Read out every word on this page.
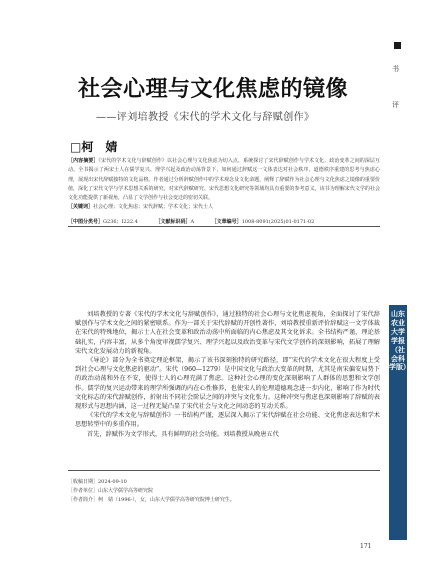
书
评
社会心理与文化焦虑的镜像
——评刘培教授《宋代的学术文化与辞赋创作》
□柯　婧
［内容摘要］《宋代的学术文化与辞赋创作》以社会心理与文化焦虑为切入点，系统探讨了宋代辞赋创作与学术文化、政治变革之间的深层互动。全书揭示了两宋士人在儒学复兴、理学兴起及政治动荡背景下，如何通过辞赋这一文体表达对社会秩序、道德秩序重建的思考与焦虑心理，展现出宋代辞赋独特的文化品格。作者通过分析辞赋创作中的学术观念及文化命题，阐释了辞赋作为社会心理与文化焦虑之镜像的重要价值，深化了宋代文学与学术思想关系的研究，对宋代辞赋研究、宋代思想文化研究等领域均具有重要的参考意义。该书为理解宋代文学的社会文化功能提供了新视角，凸显了文学创作与社会变迁的密切关联。
［关键词］社会心理；文化焦虑；宋代辞赋；学术文化；宋代士人
［中图分类号］G236；I222.4	［文献标识码］A	［文章编号］1008-8091(2025)01-0171-02

刘培教授的专著《宋代的学术文化与辞赋创作》，通过独特的社会心理与文化焦虑视角，全面探讨了宋代辞赋创作与学术文化之间的紧密联系。作为一部关于宋代辞赋的开创性著作，刘培教授重新评价辞赋这一文学体裁在宋代的特殊地位，揭示士人在社会变革和政治动荡中所面临的内心焦虑及其文化诉求。全书结构严谨，理论基础扎实，内容丰富，从多个角度审视儒学复兴、理学兴起以及政治变革与宋代文学创作的深刻影响，拓展了理解宋代文化发展动力的新视角。

《导论》部分为全书奠定理论框架，揭示了该书深刻独特的研究路径，即“宋代的学术文化在很大程度上受到社会心理与文化焦虑的驱动”。宋代（960—1279）是中国文化与政治大变革的时期，尤其是南宋偏安局势下的政治动荡和外在不安，使得士人的心理充满了焦虑。这种社会心理的变化深刻影响了人群体的思想和文学创作。儒学的复兴运动带来的理学所强调的内在心性修养，也使宋人的伦理道德观念进一步内化，影响了作为时代文化标志的宋代辞赋创作，折射出不同社会阶层之间的冲突与文化张力。这种冲突与焦虑也深刻影响了辞赋的表现形式与思想内涵，这一过程无疑凸显了宋代社会与文化之间动态的互动关系。

《宋代的学术文化与辞赋创作》一书结构严谨，逐层深入揭示了宋代辞赋在社会功能、文化焦虑表达和学术思想转型中的多重作用。

首先，辞赋作为文学形式，具有鲜明的社会功能。刘培教授从晚唐五代

［收稿日期］2024-09-10
［作者单位］山东大学儒学高等研究院
［作者简介］柯　婧（1996-），女，山东大学儒学高等研究院博士研究生。
山东农业大学学报（社会科学版）
171
